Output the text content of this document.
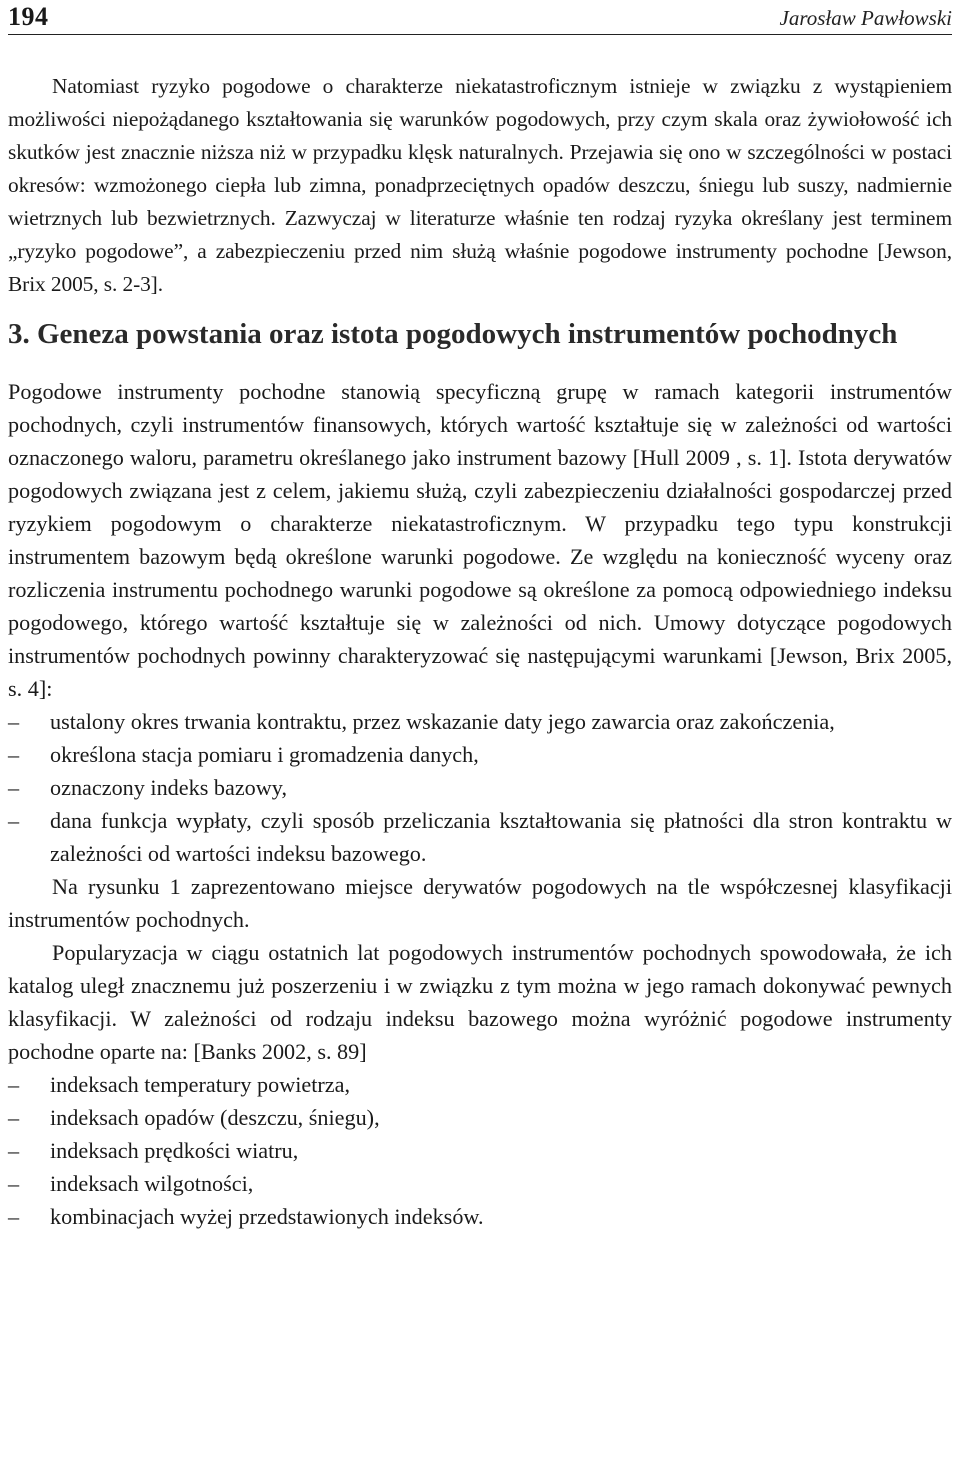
194	Jarosław Pawłowski

Natomiast ryzyko pogodowe o charakterze niekatastroficznym istnieje w związku z wystąpieniem możliwości niepożądanego kształtowania się warunków pogodowych, przy czym skala oraz żywiołowość ich skutków jest znacznie niższa niż w przypadku klęsk naturalnych. Przejawia się ono w szczególności w postaci okresów: wzmożonego ciepła lub zimna, ponadprzeciętnych opadów deszczu, śniegu lub suszy, nadmiernie wietrznych lub bezwietrznych. Zazwyczaj w literaturze właśnie ten rodzaj ryzyka określany jest terminem „ryzyko pogodowe”, a zabezpieczeniu przed nim służą właśnie pogodowe instrumenty pochodne [Jewson, Brix 2005, s. 2-3].

3. Geneza powstania oraz istota pogodowych instrumentów pochodnych

Pogodowe instrumenty pochodne stanowią specyficzną grupę w ramach kategorii instrumentów pochodnych, czyli instrumentów finansowych, których wartość kształtuje się w zależności od wartości oznaczonego waloru, parametru określanego jako instrument bazowy [Hull 2009 , s. 1]. Istota derywatów pogodowych związana jest z celem, jakiemu służą, czyli zabezpieczeniu działalności gospodarczej przed ryzykiem pogodowym o charakterze niekatastroficznym. W przypadku tego typu konstrukcji instrumentem bazowym będą określone warunki pogodowe. Ze względu na konieczność wyceny oraz rozliczenia instrumentu pochodnego warunki pogodowe są określone za pomocą odpowiedniego indeksu pogodowego, którego wartość kształtuje się w zależności od nich. Umowy dotyczące pogodowych instrumentów pochodnych powinny charakteryzować się następującymi warunkami [Jewson, Brix 2005, s. 4]:

– ustalony okres trwania kontraktu, przez wskazanie daty jego zawarcia oraz zakończenia,
– określona stacja pomiaru i gromadzenia danych,
– oznaczony indeks bazowy,
– dana funkcja wypłaty, czyli sposób przeliczania kształtowania się płatności dla stron kontraktu w zależności od wartości indeksu bazowego.

Na rysunku 1 zaprezentowano miejsce derywatów pogodowych na tle współczesnej klasyfikacji instrumentów pochodnych.

Popularyzacja w ciągu ostatnich lat pogodowych instrumentów pochodnych spowodowała, że ich katalog uległ znacznemu już poszerzeniu i w związku z tym można w jego ramach dokonywać pewnych klasyfikacji. W zależności od rodzaju indeksu bazowego można wyróżnić pogodowe instrumenty pochodne oparte na: [Banks 2002, s. 89]

– indeksach temperatury powietrza,
– indeksach opadów (deszczu, śniegu),
– indeksach prędkości wiatru,
– indeksach wilgotności,
– kombinacjach wyżej przedstawionych indeksów.
